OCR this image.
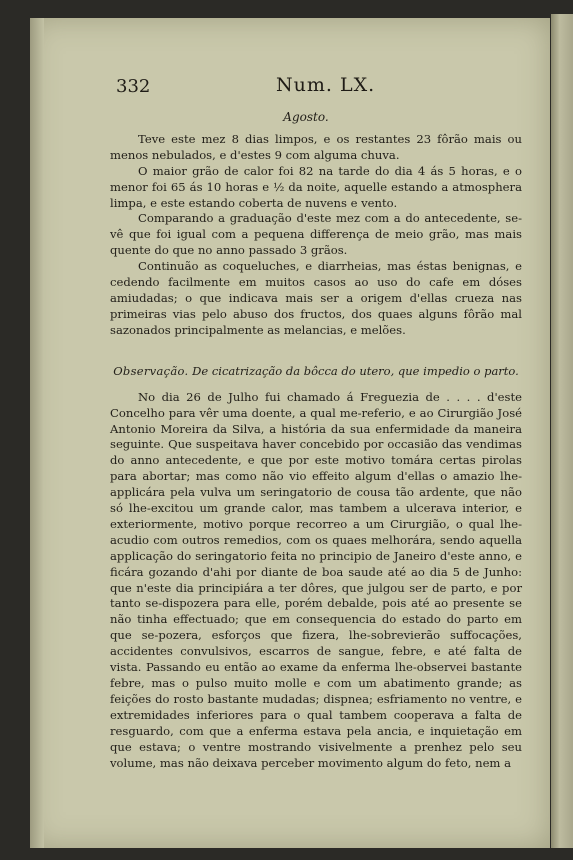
332	Num. LX.
Agosto.

Teve este mez 8 dias limpos, e os restantes 23 fôrão mais ou menos nebulados, e d'estes 9 com alguma chuva.

O maior grão de calor foi 82 na tarde do dia 4 ás 5 horas, e o menor foi 65 ás 10 horas e ½ da noite, aquelle estando a atmosphera limpa, e este estando coberta de nuvens e vento.

Comparando a graduação d'este mez com a do antecedente, se-vê que foi igual com a pequena differença de meio grão, mas mais quente do que no anno passado 3 grãos.

Continuão as coqueluches, e diarrheias, mas éstas benignas, e cedendo facilmente em muitos casos ao uso do cafe em dóses amiudadas; o que indicava mais ser a origem d'ellas crueza nas primeiras vias pelo abuso dos fructos, dos quaes alguns fôrão mal sazonados principalmente as melancias, e melões.

Observação. De cicatrização da bôcca do utero, que impedio o parto.

No dia 26 de Julho fui chamado á Freguezia de . . . . d'este Concelho para vêr uma doente, a qual me-referio, e ao Cirurgião José Antonio Moreira da Silva, a história da sua enfermidade da maneira seguinte. Que suspeitava haver concebido por occasião das vendimas do anno antecedente, e que por este motivo tomára certas pirolas para abortar; mas como não vio effeito algum d'ellas o amazio lhe-applicára pela vulva um seringatorio de cousa tão ardente, que não só lhe-excitou um grande calor, mas tambem a ulcerava interior, e exteriormente, motivo porque recorreo a um Cirurgião, o qual lhe-acudio com outros remedios, com os quaes melhorára, sendo aquella applicação do seringatorio feita no principio de Janeiro d'este anno, e ficára gozando d'ahi por diante de boa saude até ao dia 5 de Junho: que n'este dia principiára a ter dôres, que julgou ser de parto, e por tanto se-dispozera para elle, porém debalde, pois até ao presente se não tinha effectuado; que em consequencia do estado do parto em que se-pozera, esforços que fizera, lhe-sobrevierão suffocações, accidentes convulsivos, escarros de sangue, febre, e até falta de vista. Passando eu então ao exame da enferma lhe-observei bastante febre, mas o pulso muito molle e com um abatimento grande; as feições do rosto bastante mudadas; dispnea; esfriamento no ventre, e extremidades inferiores para o qual tambem cooperava a falta de resguardo, com que a enferma estava pela ancia, e inquietação em que estava; o ventre mostrando visivelmente a prenhez pelo seu volume, mas não deixava perceber movimento algum do feto, nem a
